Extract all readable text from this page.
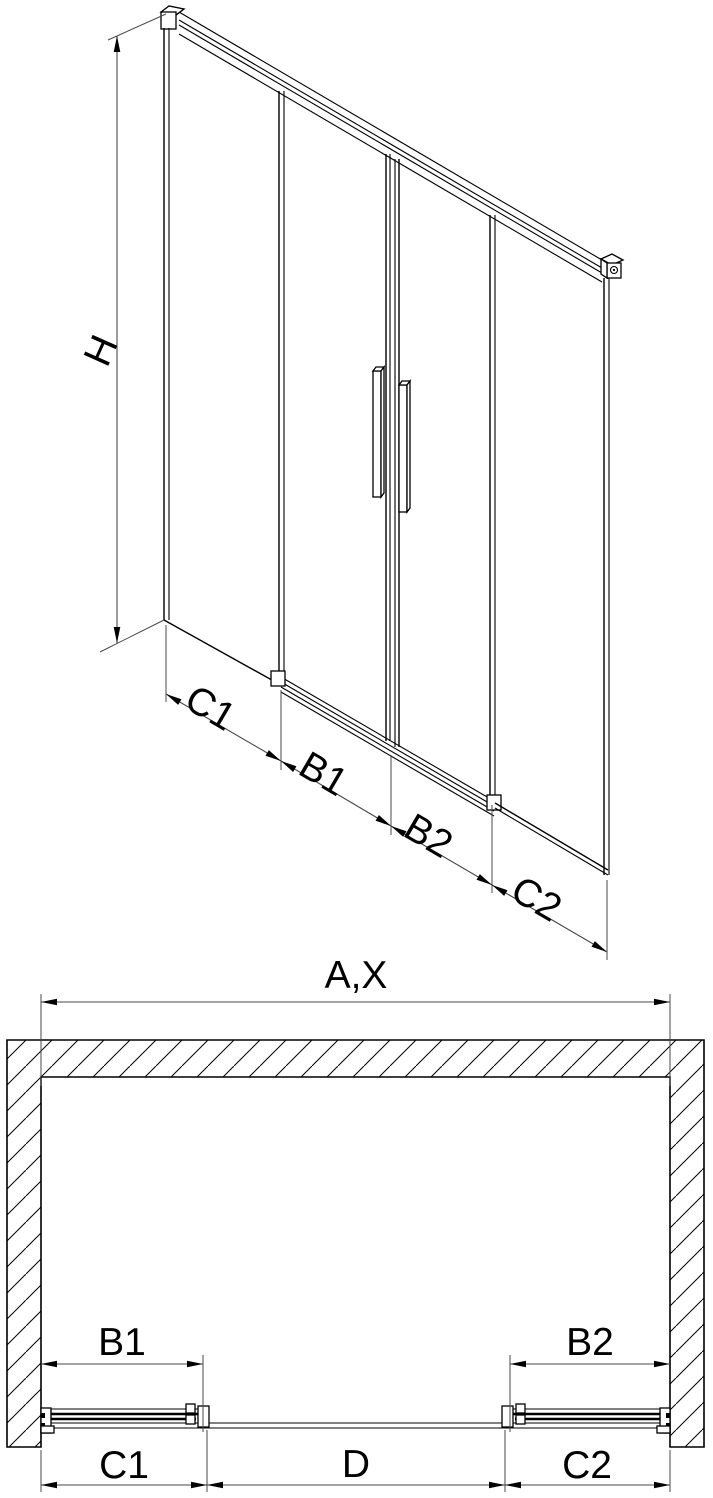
H
C1
B1
B2
C2
A,X
B1	B2
C1	D	C2
